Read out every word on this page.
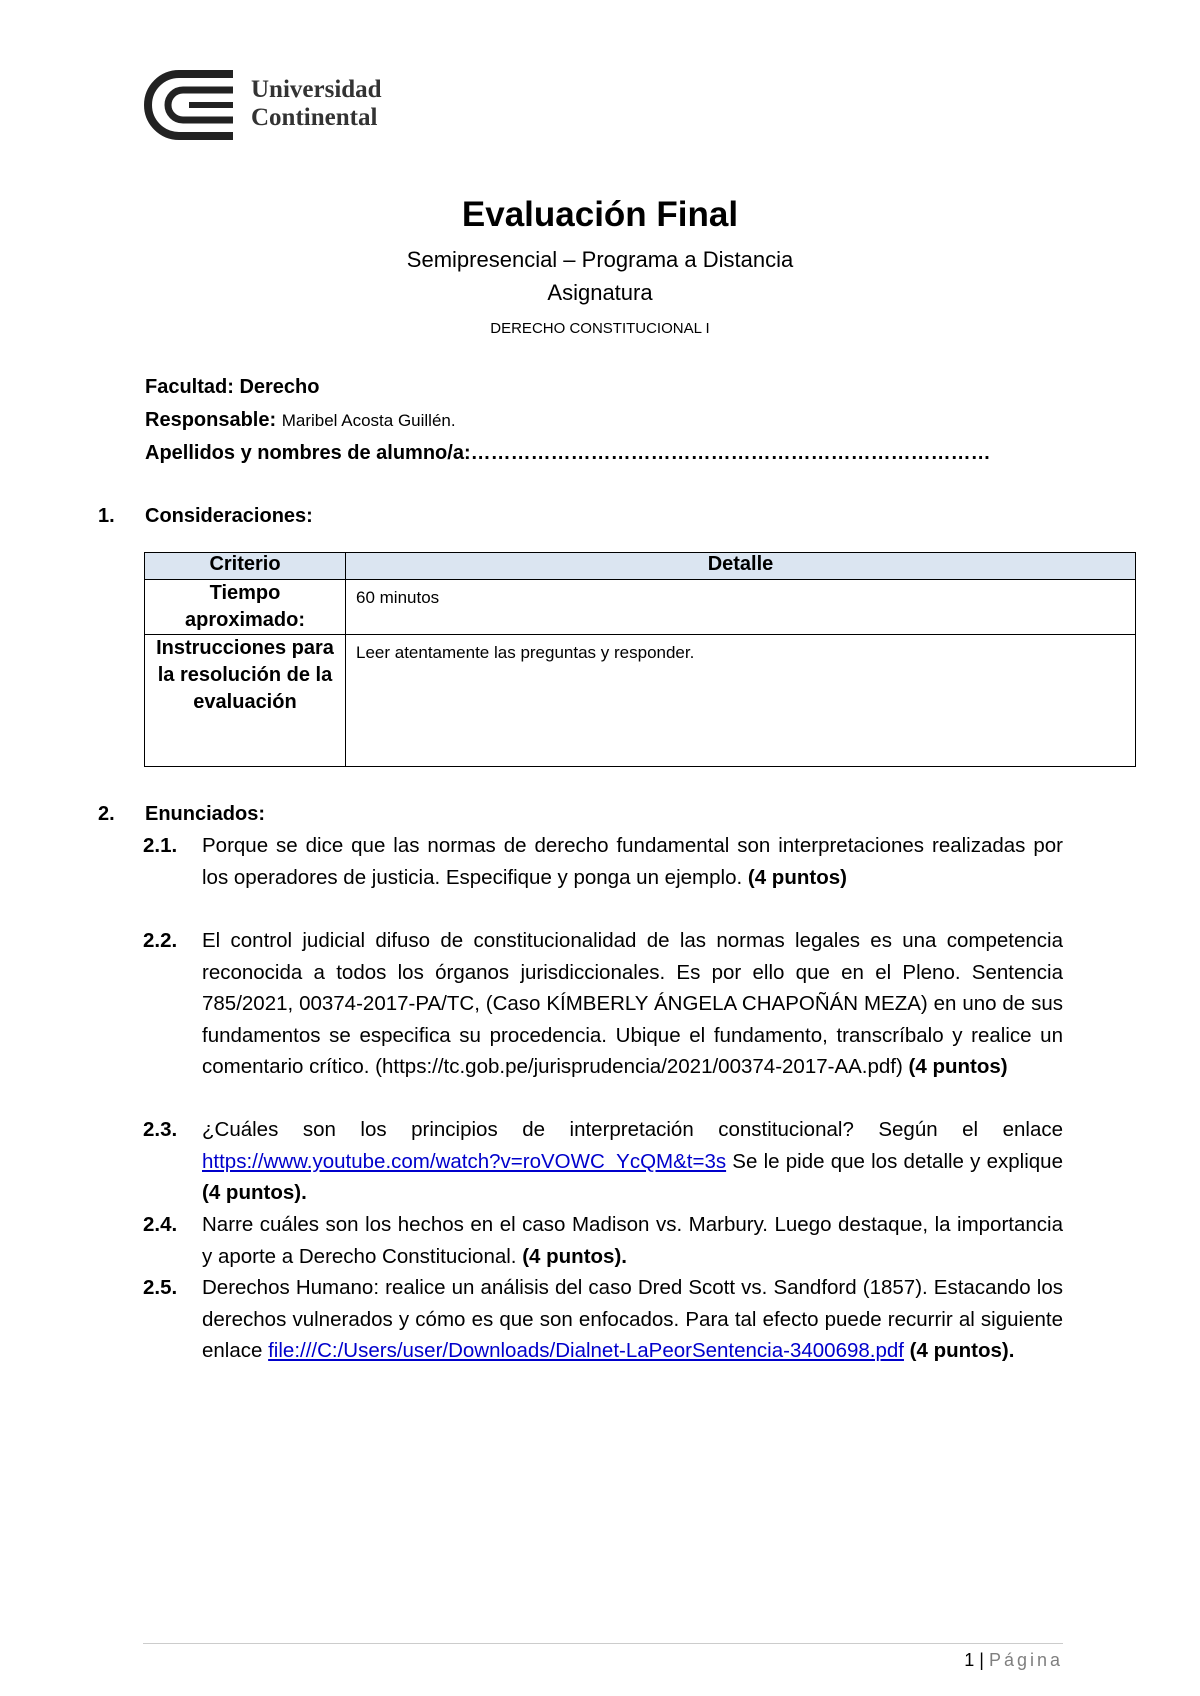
Universidad
Continental
Evaluación Final
Semipresencial – Programa a Distancia
Asignatura
DERECHO CONSTITUCIONAL I
Facultad: Derecho
Responsable: Maribel Acosta Guillén.
Apellidos y nombres de alumno/a:……………………………………………………………………
1. Consideraciones:
Criterio	Detalle
Tiempo aproximado:	60 minutos
Instrucciones para la resolución de la evaluación	Leer atentamente las preguntas y responder.
2. Enunciados:
2.1. Porque se dice que las normas de derecho fundamental son interpretaciones realizadas por los operadores de justicia. Especifique y ponga un ejemplo. (4 puntos)
2.2. El control judicial difuso de constitucionalidad de las normas legales es una competencia reconocida a todos los órganos jurisdiccionales. Es por ello que en el Pleno. Sentencia 785/2021, 00374-2017-PA/TC, (Caso KÍMBERLY ÁNGELA CHAPOÑÁN MEZA) en uno de sus fundamentos se especifica su procedencia. Ubique el fundamento, transcríbalo y realice un comentario crítico. (https://tc.gob.pe/jurisprudencia/2021/00374-2017-AA.pdf) (4 puntos)
2.3. ¿Cuáles son los principios de interpretación constitucional? Según el enlace https://www.youtube.com/watch?v=roVOWC_YcQM&t=3s Se le pide que los detalle y explique (4 puntos).
2.4. Narre cuáles son los hechos en el caso Madison vs. Marbury. Luego destaque, la importancia y aporte a Derecho Constitucional. (4 puntos).
2.5. Derechos Humano: realice un análisis del caso Dred Scott vs. Sandford (1857). Estacando los derechos vulnerados y cómo es que son enfocados. Para tal efecto puede recurrir al siguiente enlace file:///C:/Users/user/Downloads/Dialnet-LaPeorSentencia-3400698.pdf (4 puntos).
1 | Página
